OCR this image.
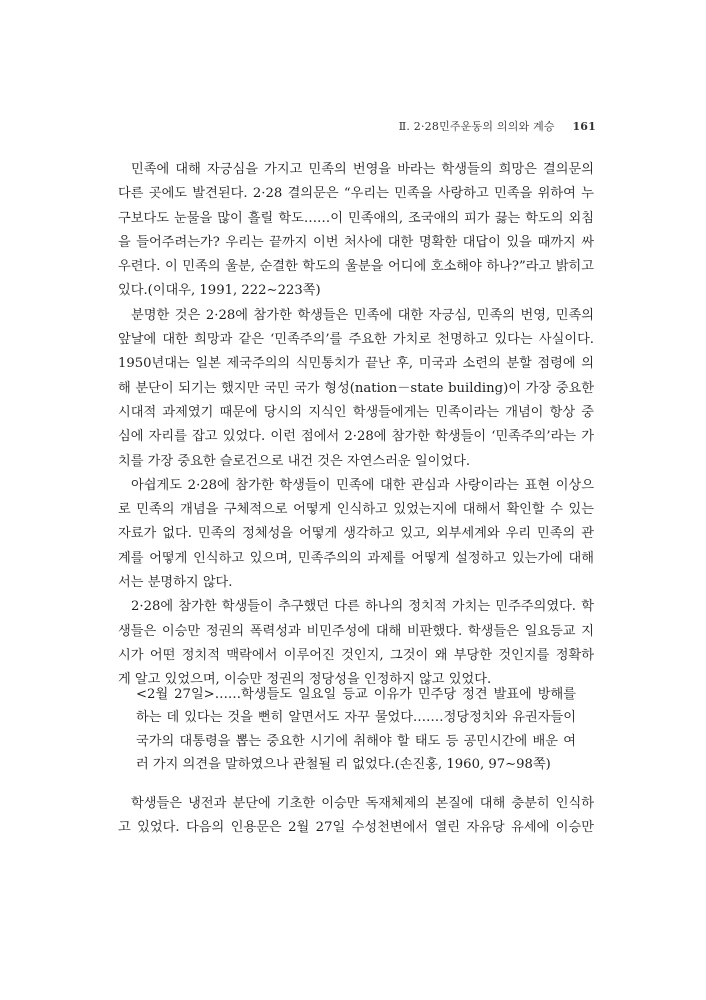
Ⅱ. 2·28민주운동의 의의와 계승 161
민족에 대해 자긍심을 가지고 민족의 번영을 바라는 학생들의 희망은 결의문의
다른 곳에도 발견된다. 2·28 결의문은 “우리는 민족을 사랑하고 민족을 위하여 누
구보다도 눈물을 많이 흘릴 학도……이 민족애의, 조국애의 피가 끓는 학도의 외침
을 들어주려는가? 우리는 끝까지 이번 처사에 대한 명확한 대답이 있을 때까지 싸
우련다. 이 민족의 울분, 순결한 학도의 울분을 어디에 호소해야 하나?”라고 밝히고
있다.(이대우, 1991, 222∼223쪽)
분명한 것은 2·28에 참가한 학생들은 민족에 대한 자긍심, 민족의 번영, 민족의
앞날에 대한 희망과 같은 ‘민족주의’를 주요한 가치로 천명하고 있다는 사실이다.
1950년대는 일본 제국주의의 식민통치가 끝난 후, 미국과 소련의 분할 점령에 의
해 분단이 되기는 했지만 국민 국가 형성(nation－state building)이 가장 중요한
시대적 과제였기 때문에 당시의 지식인 학생들에게는 민족이라는 개념이 항상 중
심에 자리를 잡고 있었다. 이런 점에서 2·28에 참가한 학생들이 ‘민족주의’라는 가
치를 가장 중요한 슬로건으로 내건 것은 자연스러운 일이었다.
아쉽게도 2·28에 참가한 학생들이 민족에 대한 관심과 사랑이라는 표현 이상으
로 민족의 개념을 구체적으로 어떻게 인식하고 있었는지에 대해서 확인할 수 있는
자료가 없다. 민족의 정체성을 어떻게 생각하고 있고, 외부세계와 우리 민족의 관
계를 어떻게 인식하고 있으며, 민족주의의 과제를 어떻게 설정하고 있는가에 대해
서는 분명하지 않다.
2·28에 참가한 학생들이 추구했던 다른 하나의 정치적 가치는 민주주의였다. 학
생들은 이승만 정권의 폭력성과 비민주성에 대해 비판했다. 학생들은 일요등교 지
시가 어떤 정치적 맥락에서 이루어진 것인지, 그것이 왜 부당한 것인지를 정확하
게 알고 있었으며, 이승만 정권의 정당성을 인정하지 않고 있었다.
<2월 27일>……학생들도 일요일 등교 이유가 민주당 정견 발표에 방해를
하는 데 있다는 것을 뻔히 알면서도 자꾸 물었다.……정당정치와 유권자들이
국가의 대통령을 뽑는 중요한 시기에 취해야 할 태도 등 공민시간에 배운 여
러 가지 의견을 말하였으나 관철될 리 없었다.(손진홍, 1960, 97∼98쪽)
학생들은 냉전과 분단에 기초한 이승만 독재체제의 본질에 대해 충분히 인식하
고 있었다. 다음의 인용문은 2월 27일 수성천변에서 열린 자유당 유세에 이승만
